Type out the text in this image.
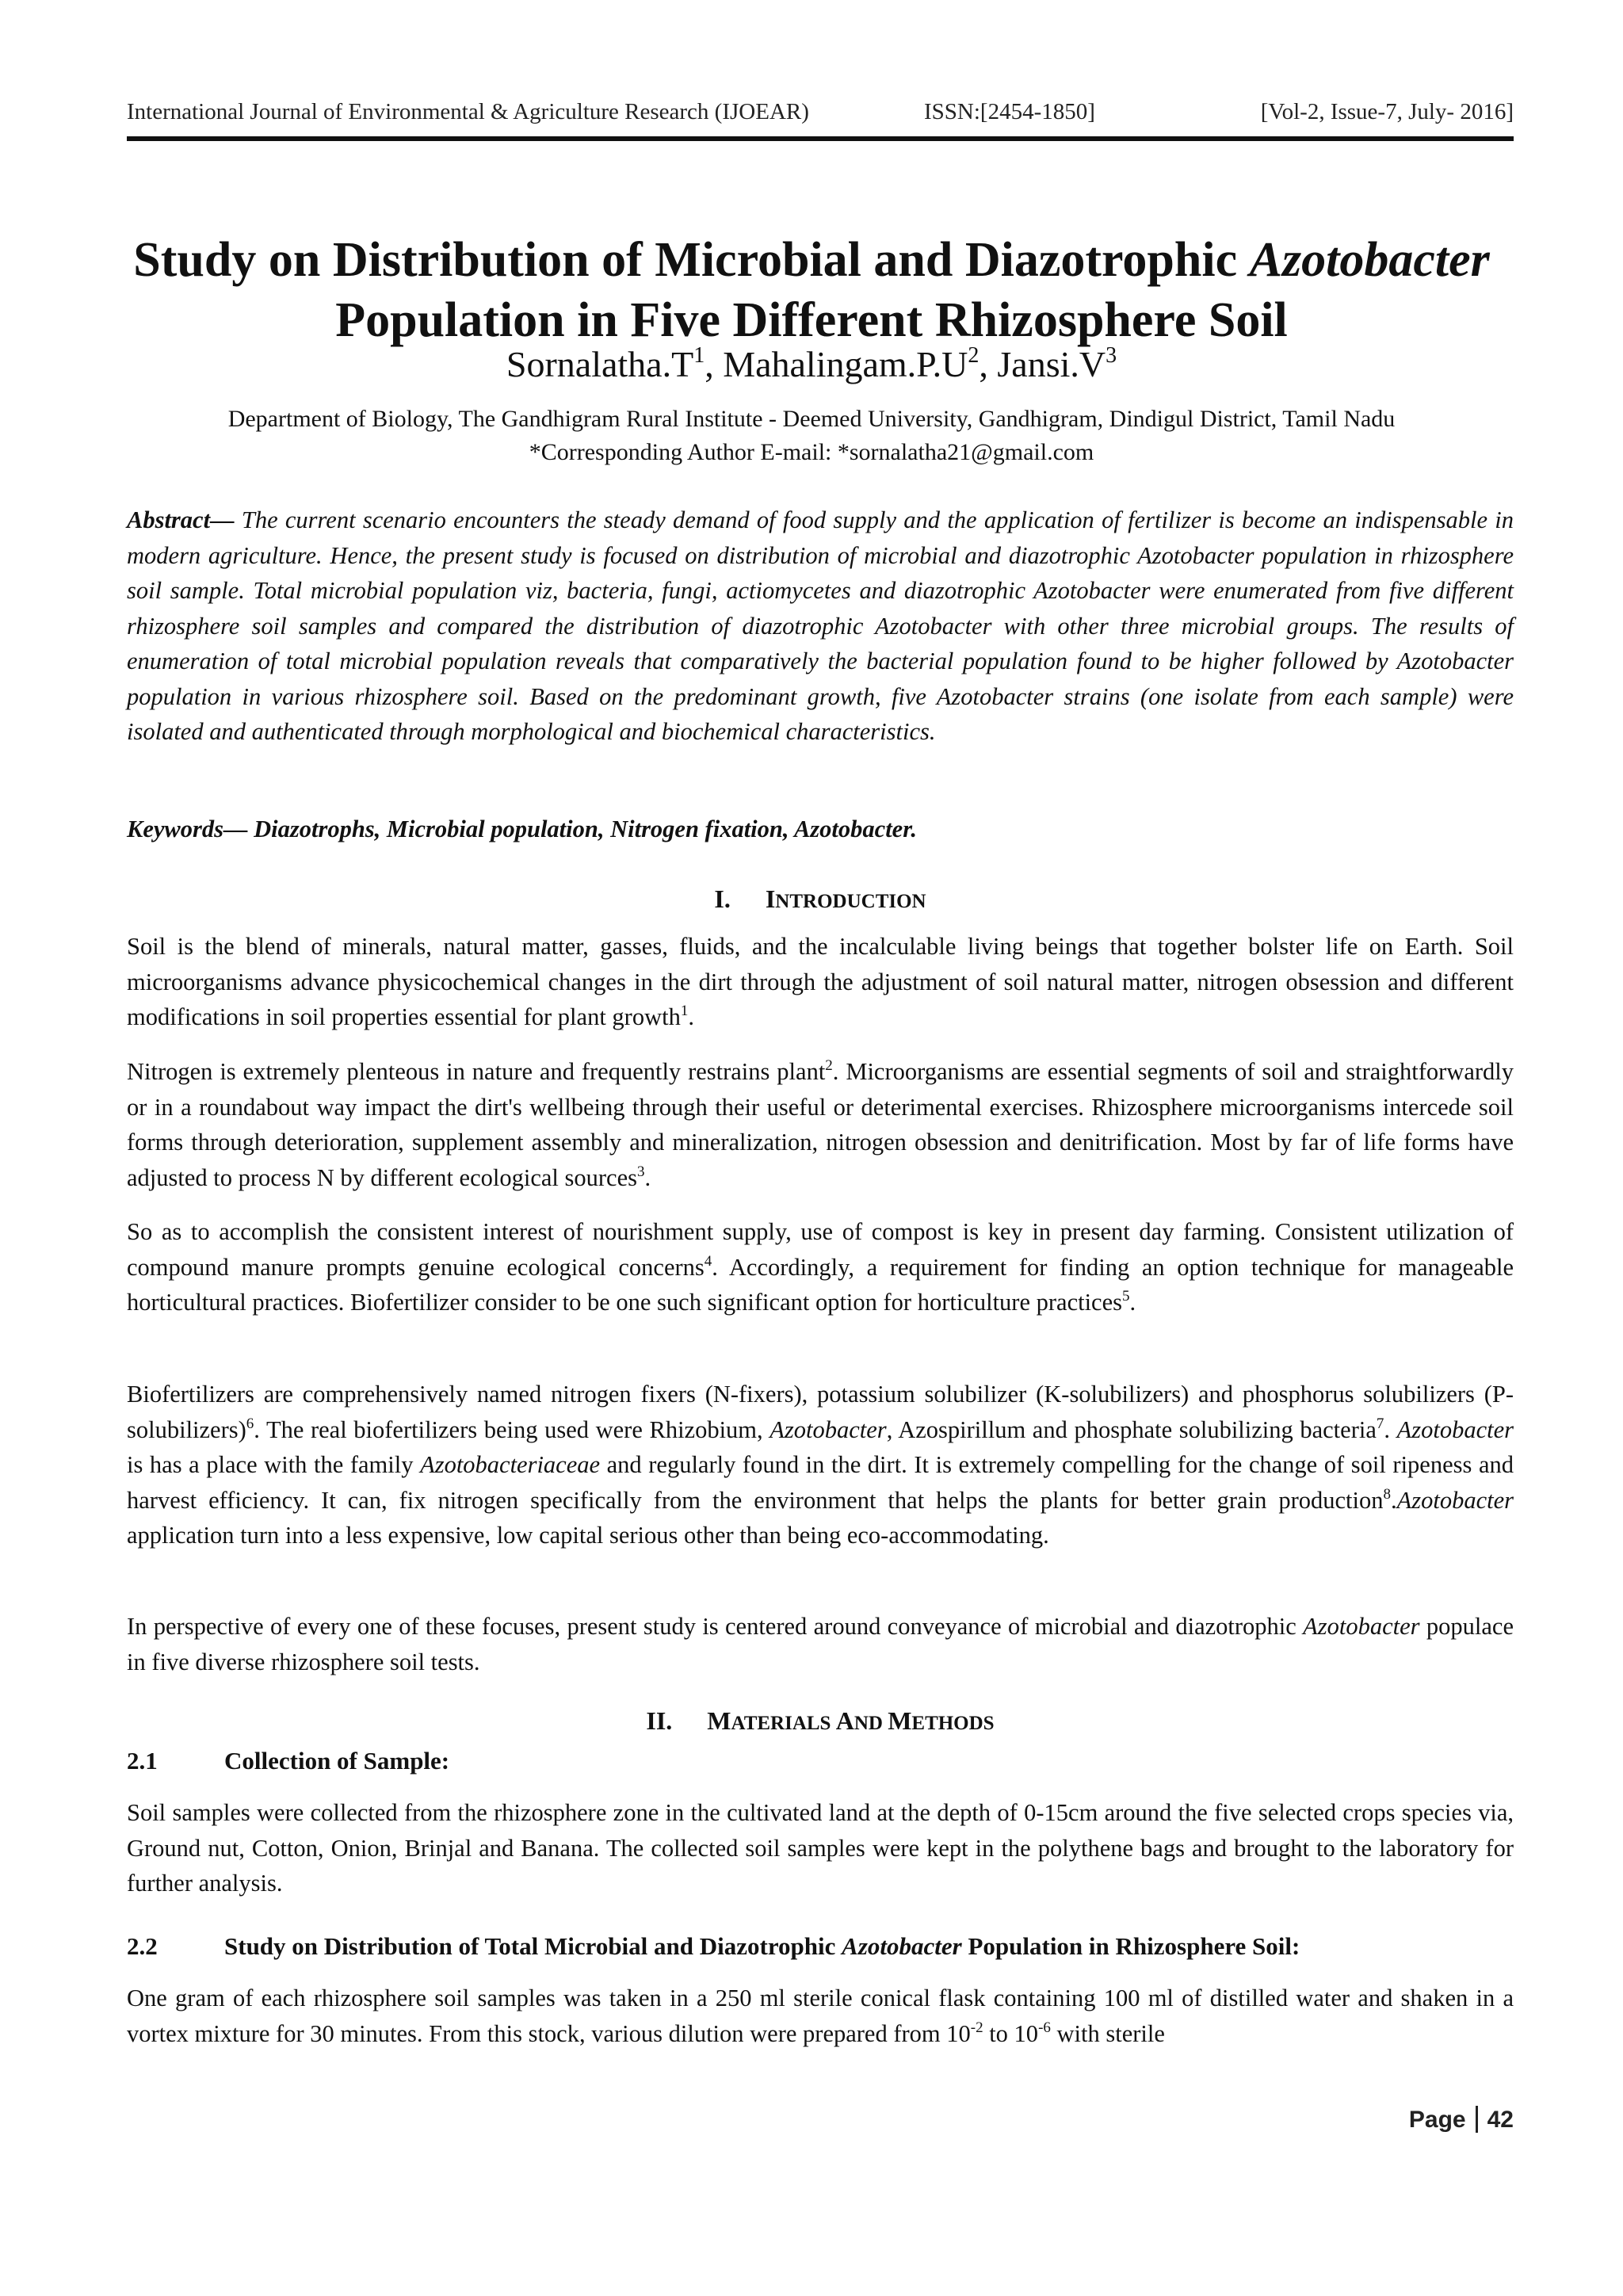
International Journal of Environmental & Agriculture Research (IJOEAR)	ISSN:[2454-1850]	[Vol-2, Issue-7, July- 2016]
Study on Distribution of Microbial and Diazotrophic Azotobacter
Population in Five Different Rhizosphere Soil
$Sornalatha.T^1$, $Mahalingam.P.U^2$, $Jansi.V^3$
Department of Biology, The Gandhigram Rural Institute - Deemed University, Gandhigram, Dindigul District, Tamil Nadu
*Corresponding Author E-mail: *sornalatha21@gmail.com

Abstract— The current scenario encounters the steady demand of food supply and the application of fertilizer is become an indispensable in modern agriculture. Hence, the present study is focused on distribution of microbial and diazotrophic Azotobacter population in rhizosphere soil sample. Total microbial population viz, bacteria, fungi, actiomycetes and diazotrophic Azotobacter were enumerated from five different rhizosphere soil samples and compared the distribution of diazotrophic Azotobacter with other three microbial groups. The results of enumeration of total microbial population reveals that comparatively the bacterial population found to be higher followed by Azotobacter population in various rhizosphere soil. Based on the predominant growth, five Azotobacter strains (one isolate from each sample) were isolated and authenticated through morphological and biochemical characteristics.

Keywords— Diazotrophs, Microbial population, Nitrogen fixation, Azotobacter.
I. INTRODUCTION
Soil is the blend of minerals, natural matter, gasses, fluids, and the incalculable living beings that together bolster life on Earth. Soil microorganisms advance physicochemical changes in the dirt through the adjustment of soil natural matter, nitrogen obsession and different modifications in soil properties essential for plant growth$^1$.
Nitrogen is extremely plenteous in nature and frequently restrains plant$^2$. Microorganisms are essential segments of soil and straightforwardly or in a roundabout way impact the dirt's wellbeing through their useful or deterimental exercises. Rhizosphere microorganisms intercede soil forms through deterioration, supplement assembly and mineralization, nitrogen obsession and denitrification. Most by far of life forms have adjusted to process N by different ecological sources$^3$.
So as to accomplish the consistent interest of nourishment supply, use of compost is key in present day farming. Consistent utilization of compound manure prompts genuine ecological concerns$^4$. Accordingly, a requirement for finding an option technique for manageable horticultural practices. Biofertilizer consider to be one such significant option for horticulture practices$^5$.
Biofertilizers are comprehensively named nitrogen fixers (N-fixers), potassium solubilizer (K-solubilizers) and phosphorus solubilizers (P-solubilizers)$^6$. The real biofertilizers being used were Rhizobium, Azotobacter, Azospirillum and phosphate solubilizing bacteria$^7$. Azotobacter is has a place with the family Azotobacteriaceae and regularly found in the dirt. It is extremely compelling for the change of soil ripeness and harvest efficiency. It can, fix nitrogen specifically from the environment that helps the plants for better grain production$^8$.Azotobacter application turn into a less expensive, low capital serious other than being eco-accommodating.
In perspective of every one of these focuses, present study is centered around conveyance of microbial and diazotrophic Azotobacter populace in five diverse rhizosphere soil tests.
II. MATERIALS AND METHODS
2.1	Collection of Sample:
Soil samples were collected from the rhizosphere zone in the cultivated land at the depth of 0-15cm around the five selected crops species via, Ground nut, Cotton, Onion, Brinjal and Banana. The collected soil samples were kept in the polythene bags and brought to the laboratory for further analysis.
2.2	Study on Distribution of Total Microbial and Diazotrophic Azotobacter Population in Rhizosphere Soil:
One gram of each rhizosphere soil samples was taken in a 250 ml sterile conical flask containing 100 ml of distilled water and shaken in a vortex mixture for 30 minutes. From this stock, various dilution were prepared from $10^{-2}$ to $10^{-6}$ with sterile
Page 42
